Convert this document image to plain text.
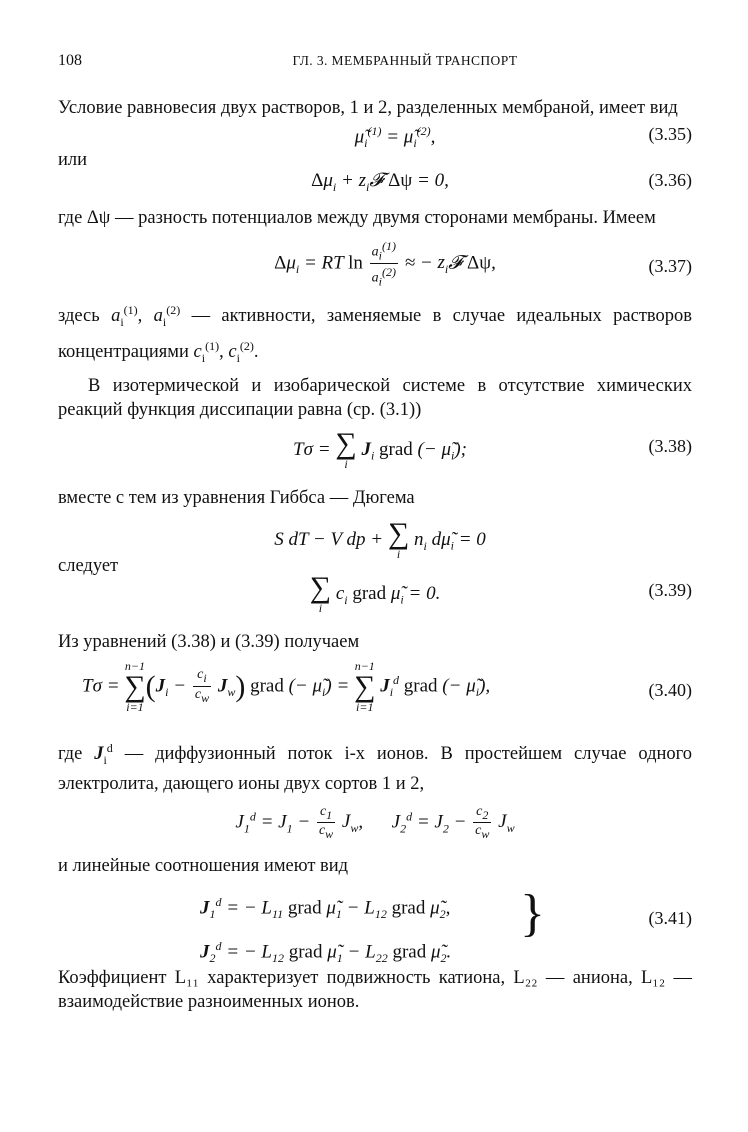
108	ГЛ. 3. МЕМБРАННЫЙ ТРАНСПОРТ

Условие равновесия двух растворов, 1 и 2, разделенных мембраной, имеет вид

$\mũ_i^{(1)}$ = $\mũ_i^{(2)}$,	(3.35)
или
$\Delta\mu_i$ + $z_i𝓕$ Δψ = 0,	(3.36)

где Δψ — разность потенциалов между двумя сторонами мембраны. Имеем

$\Delta\mu_i$ = RT $\ln \frac{a_i^{(1)}}{a_i^{(2)}}$ ≈ − $z_i𝓕$ Δψ,	(3.37)

здесь $a_i^{(1)}$, $a_i^{(2)}$ — активности, заменяемые в случае идеальных растворов концентрациями $c_i^{(1)}$, $c_i^{(2)}$.

В изотермической и изобарической системе в отсутствие химических реакций функция диссипации равна (ср. (3.1))

Tσ = ∑
i
$J_i$ grad (− $\mũ_i$);	(3.38)

вместе с тем из уравнения Гиббса — Дюгема

S dT − V dp + ∑
i
$n_i$ $d\mũ_i = 0$
следует
∑
i
$c_i$ grad $\mũ_i = 0$.	(3.39)

Из уравнений (3.38) и (3.39) получаем

Tσ =
n−1
∑
i=1
$(J_i - \frac{c_i}{c_w} J_w)$ grad (− $\mũ_i$) =
n−1
∑
i=1
$J_i^d$ grad (− $\mũ_i$),	(3.40)

где $J_i^d$ — диффузионный поток i-х ионов. В простейшем случае одного электролита, дающего ионы двух сортов 1 и 2,

$J_1^d = J_1 - \frac{c_1}{c_w} J_w$,      $J_2^d = J_2 - \frac{c_2}{c_w} J_w$

и линейные соотношения имеют вид

$J_1^d$ = − $L_{11}$ grad $\mũ_1 - L_{12}$ grad $\mũ_2$,
$J_2^d$ = − $L_{12}$ grad $\mũ_1 - L_{22}$ grad $\mũ_2$.
}	(3.41)

Коэффициент L₁₁ характеризует подвижность катиона, L₂₂ — аниона, L₁₂ — взаимодействие разноименных ионов.
